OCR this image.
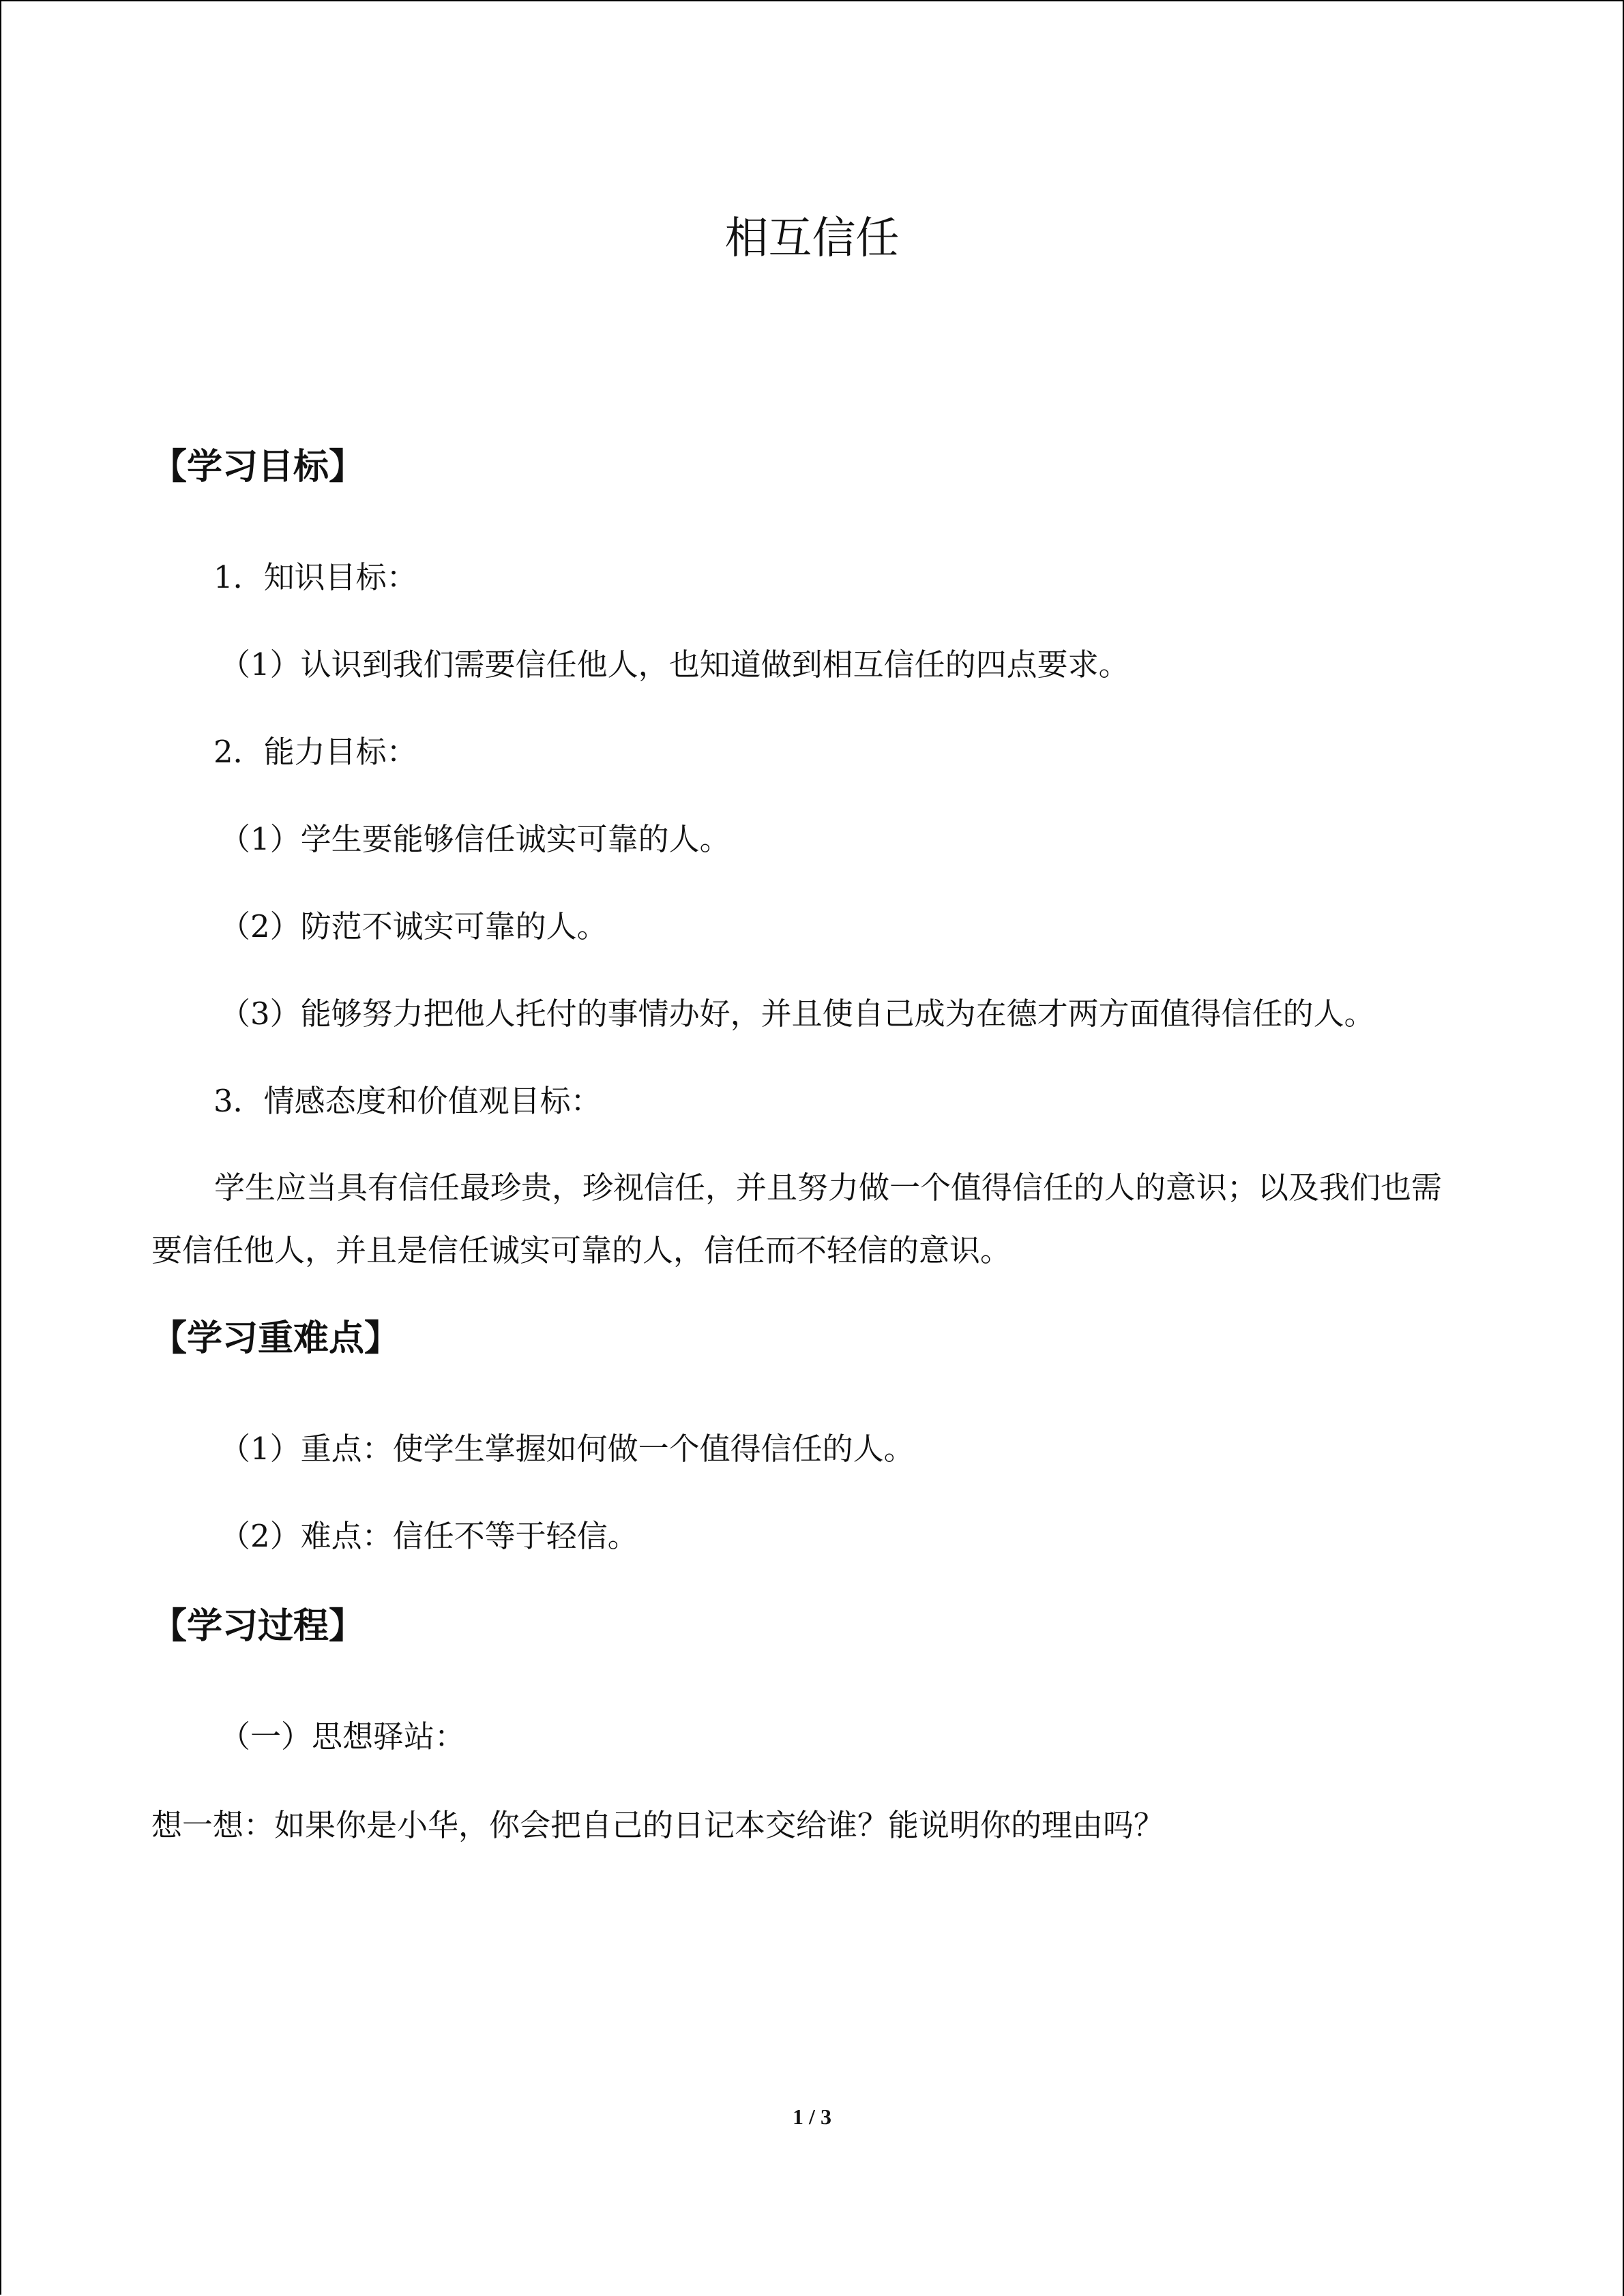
相互信任
【学习目标】
1．知识目标：
（1）认识到我们需要信任他人，也知道做到相互信任的四点要求。
2．能力目标：
（1）学生要能够信任诚实可靠的人。
（2）防范不诚实可靠的人。
（3）能够努力把他人托付的事情办好，并且使自己成为在德才两方面值得信任的人。
3．情感态度和价值观目标：
学生应当具有信任最珍贵，珍视信任，并且努力做一个值得信任的人的意识；以及我们也需要信任他人，并且是信任诚实可靠的人，信任而不轻信的意识。
【学习重难点】
（1）重点：使学生掌握如何做一个值得信任的人。
（2）难点：信任不等于轻信。
【学习过程】
（一）思想驿站：
想一想：如果你是小华，你会把自己的日记本交给谁？能说明你的理由吗？
1 / 3
